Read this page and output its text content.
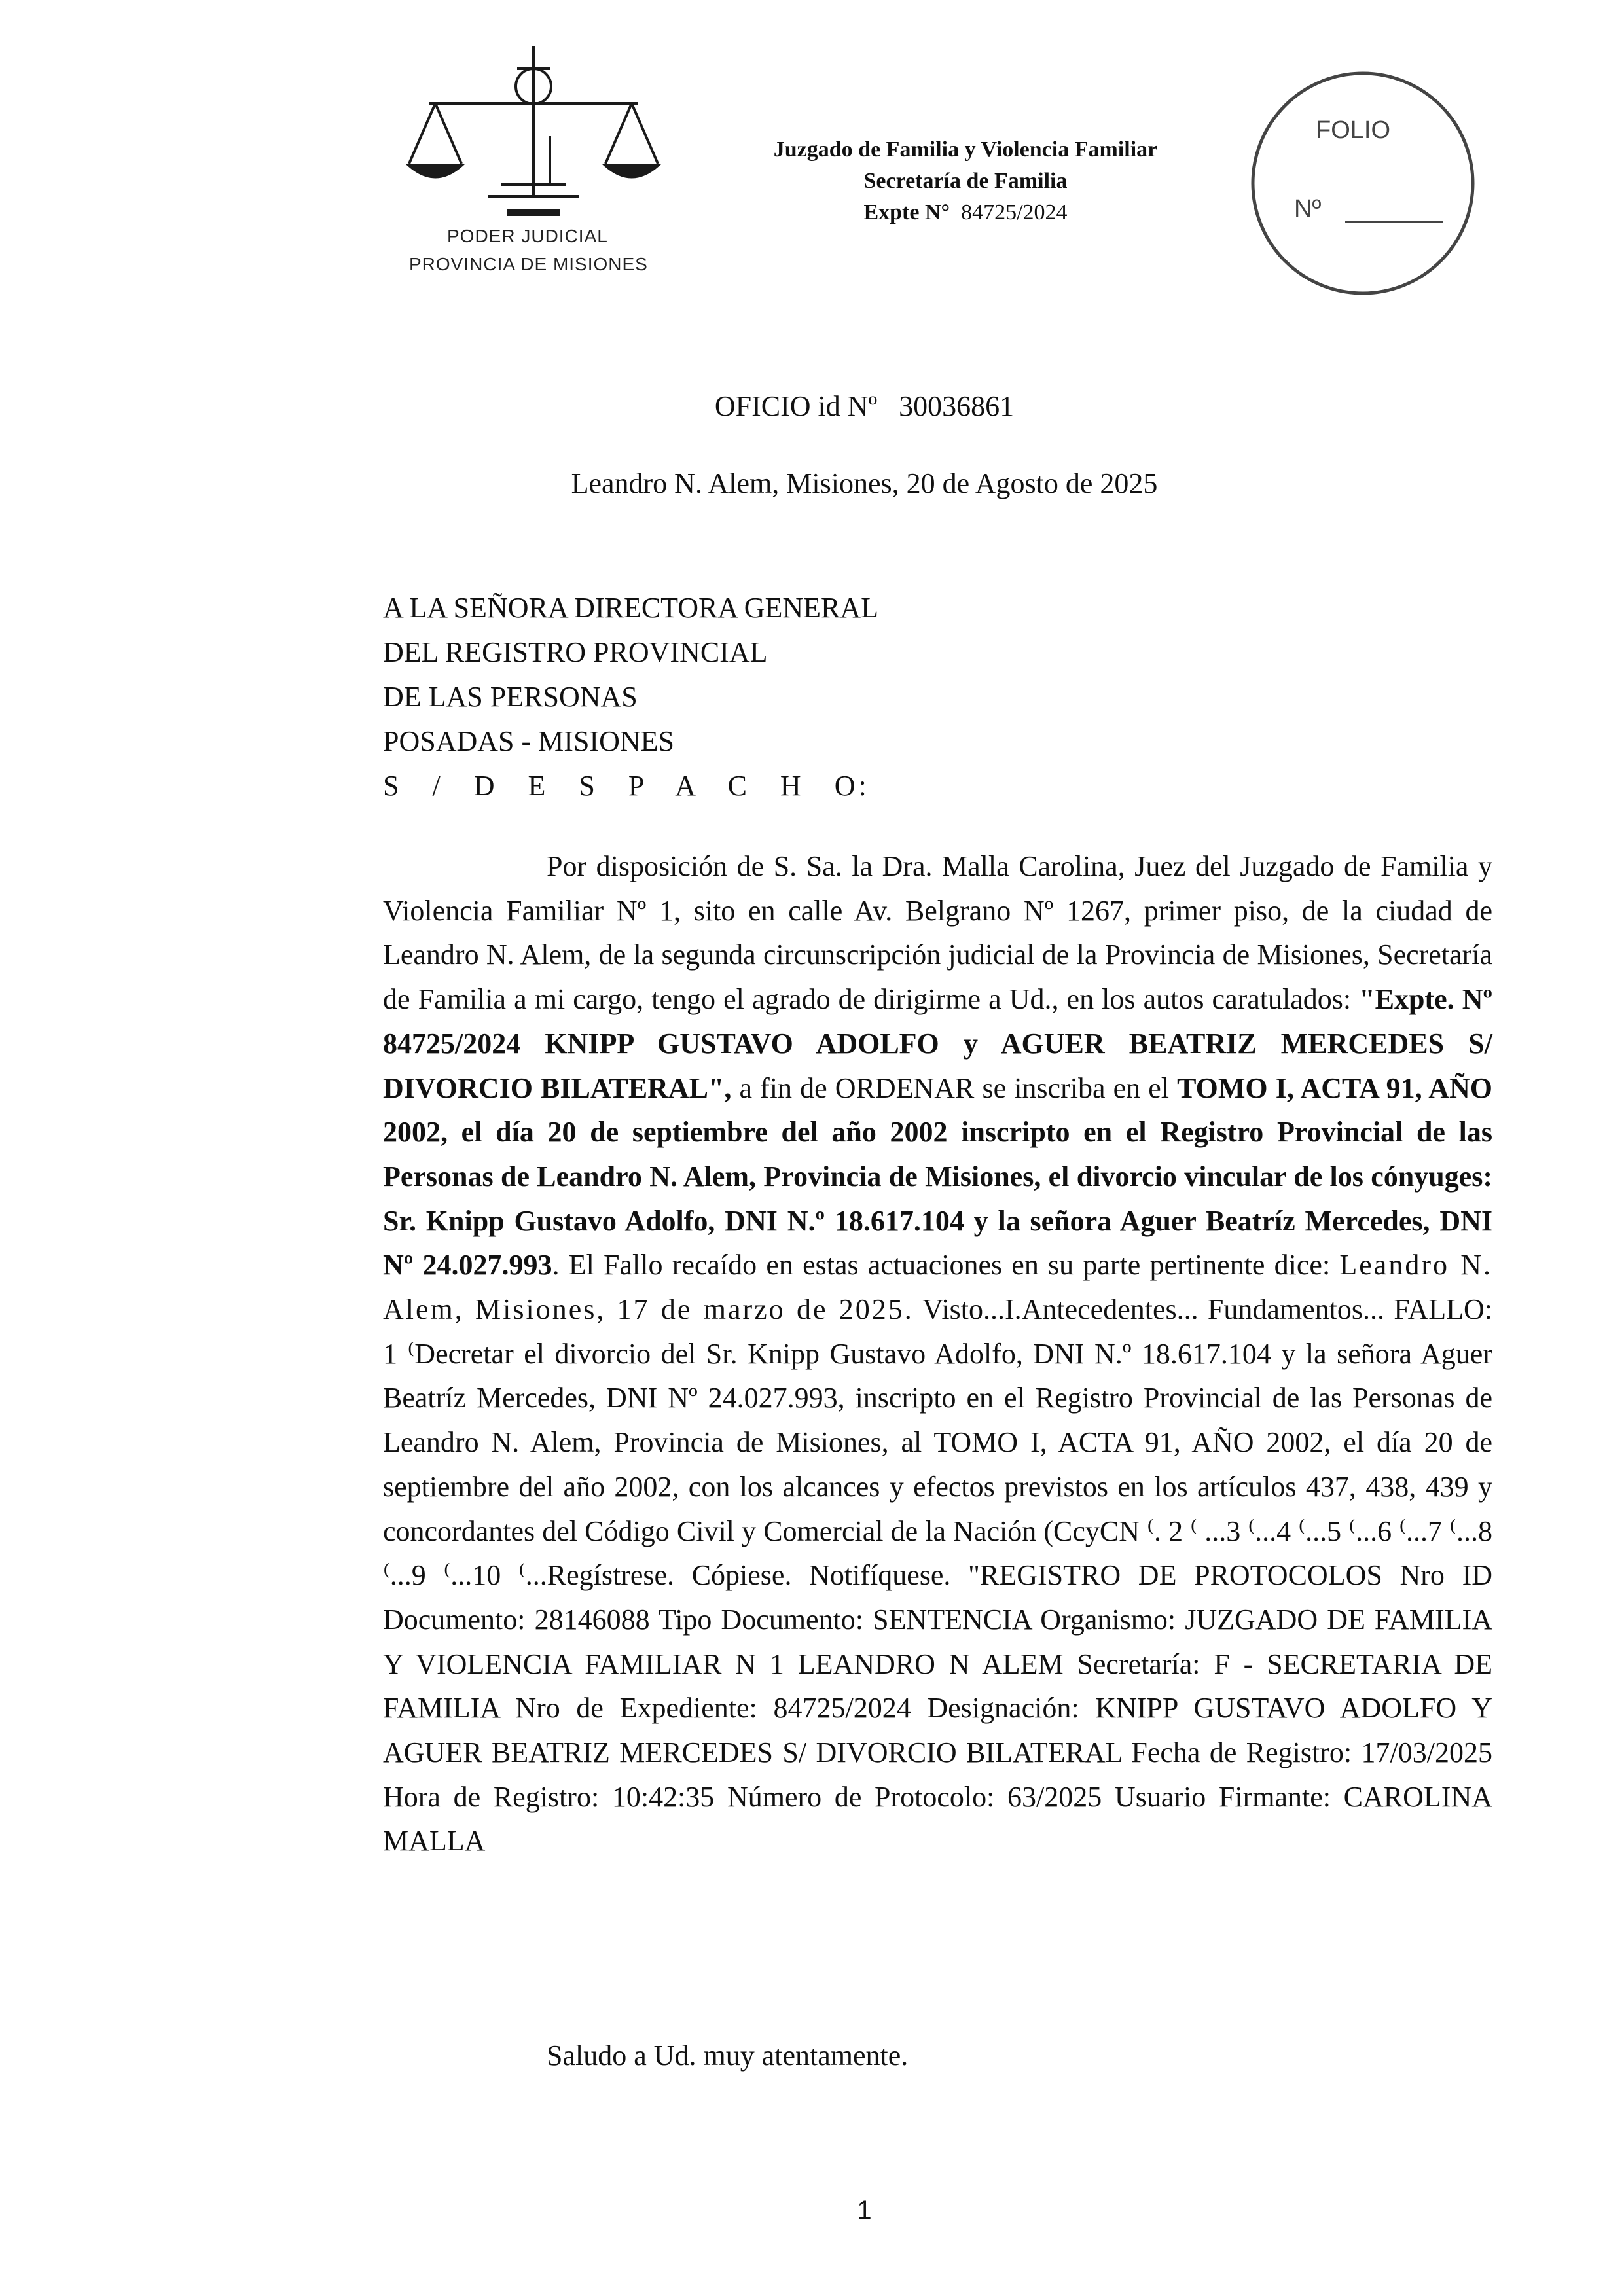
PODER JUDICIAL
PROVINCIA DE MISIONES
Juzgado de Familia y Violencia Familiar
Secretaría de Familia
Expte N° 84725/2024
FOLIO
Nº
OFICIO id Nº 30036861
Leandro N. Alem, Misiones, 20 de Agosto de 2025
A LA SEÑORA DIRECTORA GENERAL
DEL REGISTRO PROVINCIAL
DE LAS PERSONAS
POSADAS - MISIONES
S / D E S P A C H O:

Por disposición de S. Sa. la Dra. Malla Carolina, Juez del Juzgado de Familia y Violencia Familiar Nº 1, sito en calle Av. Belgrano Nº 1267, primer piso, de la ciudad de Leandro N. Alem, de la segunda circunscripción judicial de la Provincia de Misiones, Secretaría de Familia a mi cargo, tengo el agrado de dirigirme a Ud., en los autos caratulados: "Expte. Nº 84725/2024 KNIPP GUSTAVO ADOLFO y AGUER BEATRIZ MERCEDES S/ DIVORCIO BILATERAL", a fin de ORDENAR se inscriba en el TOMO I, ACTA 91, AÑO 2002, el día 20 de septiembre del año 2002 inscripto en el Registro Provincial de las Personas de Leandro N. Alem, Provincia de Misiones, el divorcio vincular de los cónyuges: Sr. Knipp Gustavo Adolfo, DNI N.º 18.617.104 y la señora Aguer Beatríz Mercedes, DNI Nº 24.027.993. El Fallo recaído en estas actuaciones en su parte pertinente dice: Leandro N. Alem, Misiones, 17 de marzo de 2025. Visto...I.Antecedentes... Fundamentos... FALLO: 1 ⁽Decretar el divorcio del Sr. Knipp Gustavo Adolfo, DNI N.º 18.617.104 y la señora Aguer Beatríz Mercedes, DNI Nº 24.027.993, inscripto en el Registro Provincial de las Personas de Leandro N. Alem, Provincia de Misiones, al TOMO I, ACTA 91, AÑO 2002, el día 20 de septiembre del año 2002, con los alcances y efectos previstos en los artículos 437, 438, 439 y concordantes del Código Civil y Comercial de la Nación (CcyCN ⁽. 2 ⁽ ...3 ⁽...4 ⁽...5 ⁽...6 ⁽...7 ⁽...8 ⁽...9 ⁽...10 ⁽...Regístrese. Cópiese. Notifíquese. "REGISTRO DE PROTOCOLOS Nro ID Documento: 28146088 Tipo Documento: SENTENCIA Organismo: JUZGADO DE FAMILIA Y VIOLENCIA FAMILIAR N 1 LEANDRO N ALEM Secretaría: F - SECRETARIA DE FAMILIA Nro de Expediente: 84725/2024 Designación: KNIPP GUSTAVO ADOLFO Y AGUER BEATRIZ MERCEDES S/ DIVORCIO BILATERAL Fecha de Registro: 17/03/2025 Hora de Registro: 10:42:35 Número de Protocolo: 63/2025 Usuario Firmante: CAROLINA MALLA

Saludo a Ud. muy atentamente.
1
